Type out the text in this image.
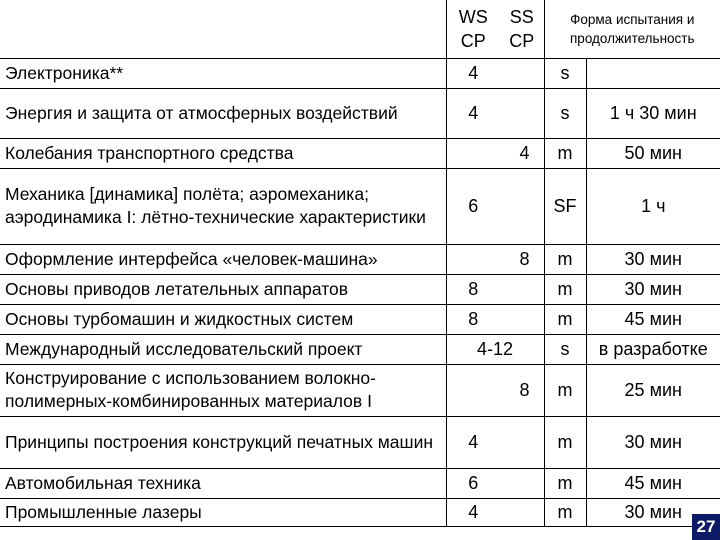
	WS CP	SS CP	Форма испытания и продолжительность	
Электроника**	4		s	
Энергия и защита от атмосферных воздействий	4		s	1 ч 30 мин
Колебания транспортного средства		4	m	50 мин
Механика [динамика] полёта; аэромеханика; аэродинамика I: лётно-технические характеристики	6		SF	1 ч
Оформление интерфейса «человек-машина»		8	m	30 мин
Основы приводов летательных аппаратов	8		m	30 мин
Основы турбомашин и жидкостных систем	8		m	45 мин
Международный исследовательский проект	4-12		s	в разработке
Конструирование с использованием волокно-полимерных-комбинированных материалов I		8	m	25 мин
Принципы построения конструкций печатных машин	4		m	30 мин
Автомобильная техника	6		m	45 мин
Промышленные лазеры	4		m	30 мин
27
